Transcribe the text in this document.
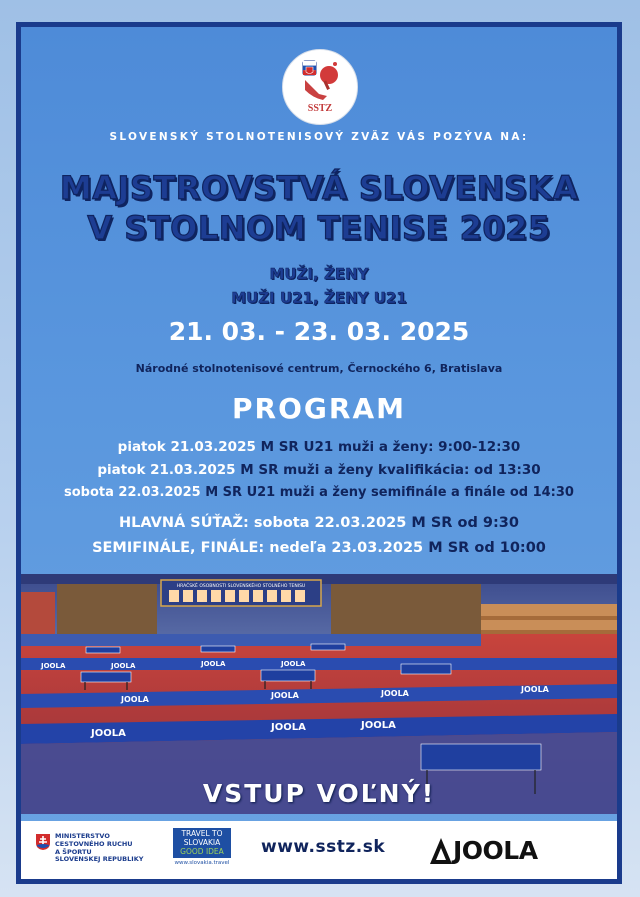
SSTZ
SLOVENSKÝ STOLNOTENISOVÝ ZVÄZ VÁS POZÝVA NA:
MAJSTROVSTVÁ SLOVENSKA
V STOLNOM TENISE 2025
MUŽI, ŽENY
MUŽI U21, ŽENY U21
21. 03. - 23. 03. 2025
Národné stolnotenisové centrum, Černockého 6, Bratislava
PROGRAM
piatok 21.03.2025 M SR U21 muži a ženy: 9:00-12:30
piatok 21.03.2025 M SR muži a ženy kvalifikácia: od 13:30
sobota 22.03.2025 M SR U21 muži a ženy semifinále a finále od 14:30
HLAVNÁ SÚŤAŽ: sobota 22.03.2025 M SR od 9:30
SEMIFINÁLE, FINÁLE: nedeľa 23.03.2025 M SR od 10:00
HRAČSKÉ OSOBNOSTI SLOVENSKÉHO STOLNÉHO TENISU
JOOLA	JOOLA	JOOLA	JOOLA
JOOLA	JOOLA	JOOLA	JOOLA
JOOLA
JOOLA	JOOLA
VSTUP VOĽNÝ!
MINISTERSTVO
CESTOVNÉHO RUCHU
A ŠPORTU
SLOVENSKEJ REPUBLIKY
TRAVEL TO
SLOVAKIA
GOOD IDEA
www.slovakia.travel
www.sstz.sk	JOOLA
